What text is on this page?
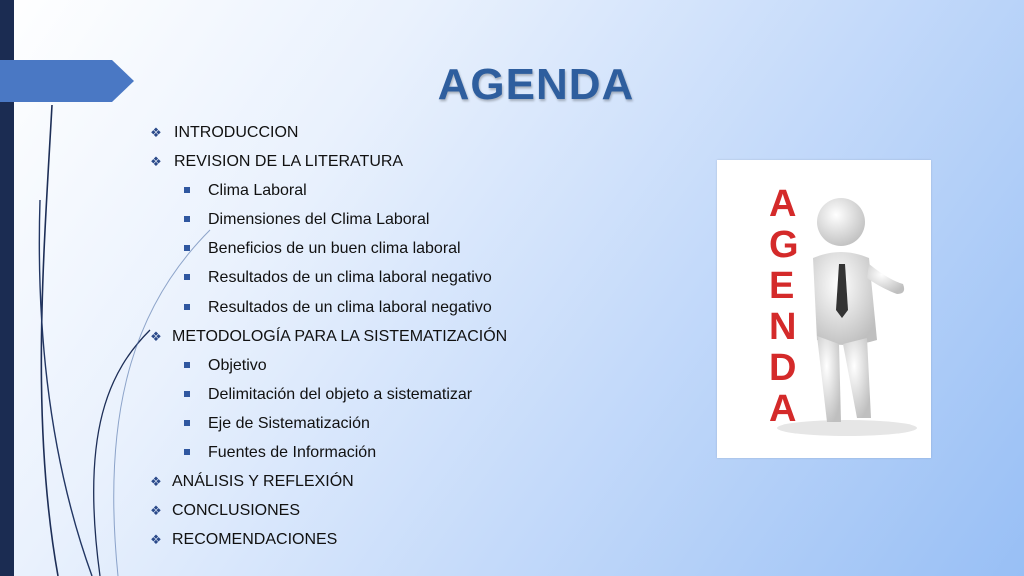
AGENDA
❖ INTRODUCCION
❖ REVISION DE LA LITERATURA
Clima Laboral
Dimensiones del Clima Laboral
Beneficios de un buen clima laboral
Resultados de un clima laboral negativo
Resultados de un clima laboral negativo
❖ METODOLOGÍA PARA LA SISTEMATIZACIÓN
Objetivo
Delimitación del objeto a sistematizar
Eje de Sistematización
Fuentes de Información
❖ ANÁLISIS Y REFLEXIÓN
❖ CONCLUSIONES
❖ RECOMENDACIONES
A
G
E
N
D
A
